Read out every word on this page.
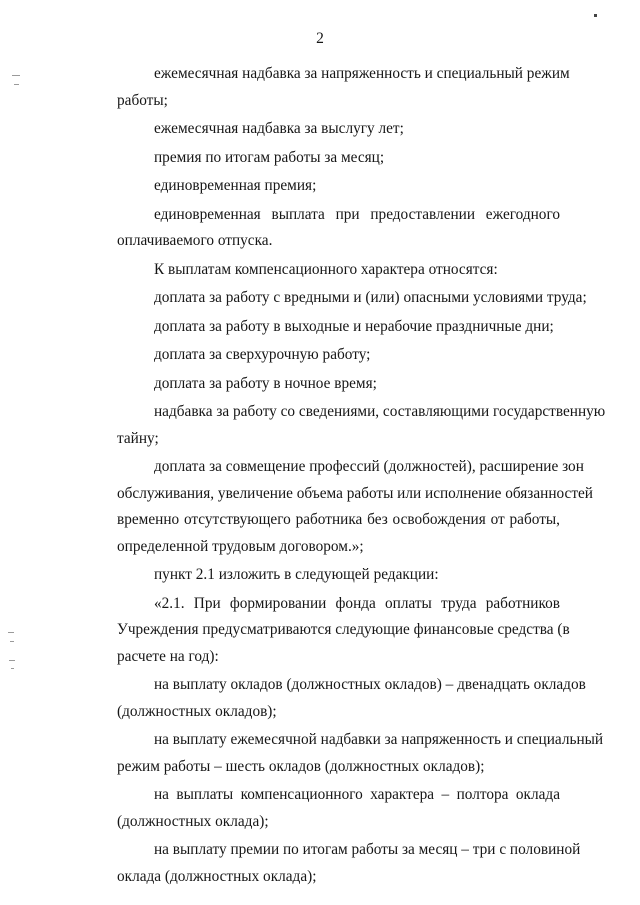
2

ежемесячная надбавка за напряженность и специальный режим
работы;

ежемесячная надбавка за выслугу лет;

премия по итогам работы за месяц;

единовременная премия;

единовременная выплата при предоставлении ежегодного
оплачиваемого отпуска.

К выплатам компенсационного характера относятся:

доплата за работу с вредными и (или) опасными условиями труда;

доплата за работу в выходные и нерабочие праздничные дни;

доплата за сверхурочную работу;

доплата за работу в ночное время;

надбавка за работу со сведениями, составляющими государственную
тайну;

доплата за совмещение профессий (должностей), расширение зон
обслуживания, увеличение объема работы или исполнение обязанностей
временно отсутствующего работника без освобождения от работы,
определенной трудовым договором.»;

пункт 2.1 изложить в следующей редакции:

«2.1. При формировании фонда оплаты труда работников
Учреждения предусматриваются следующие финансовые средства (в
расчете на год):

на выплату окладов (должностных окладов) – двенадцать окладов
(должностных окладов);

на выплату ежемесячной надбавки за напряженность и специальный
режим работы – шесть окладов (должностных окладов);

на выплаты компенсационного характера – полтора оклада
(должностных оклада);

на выплату премии по итогам работы за месяц – три с половиной
оклада (должностных оклада);
